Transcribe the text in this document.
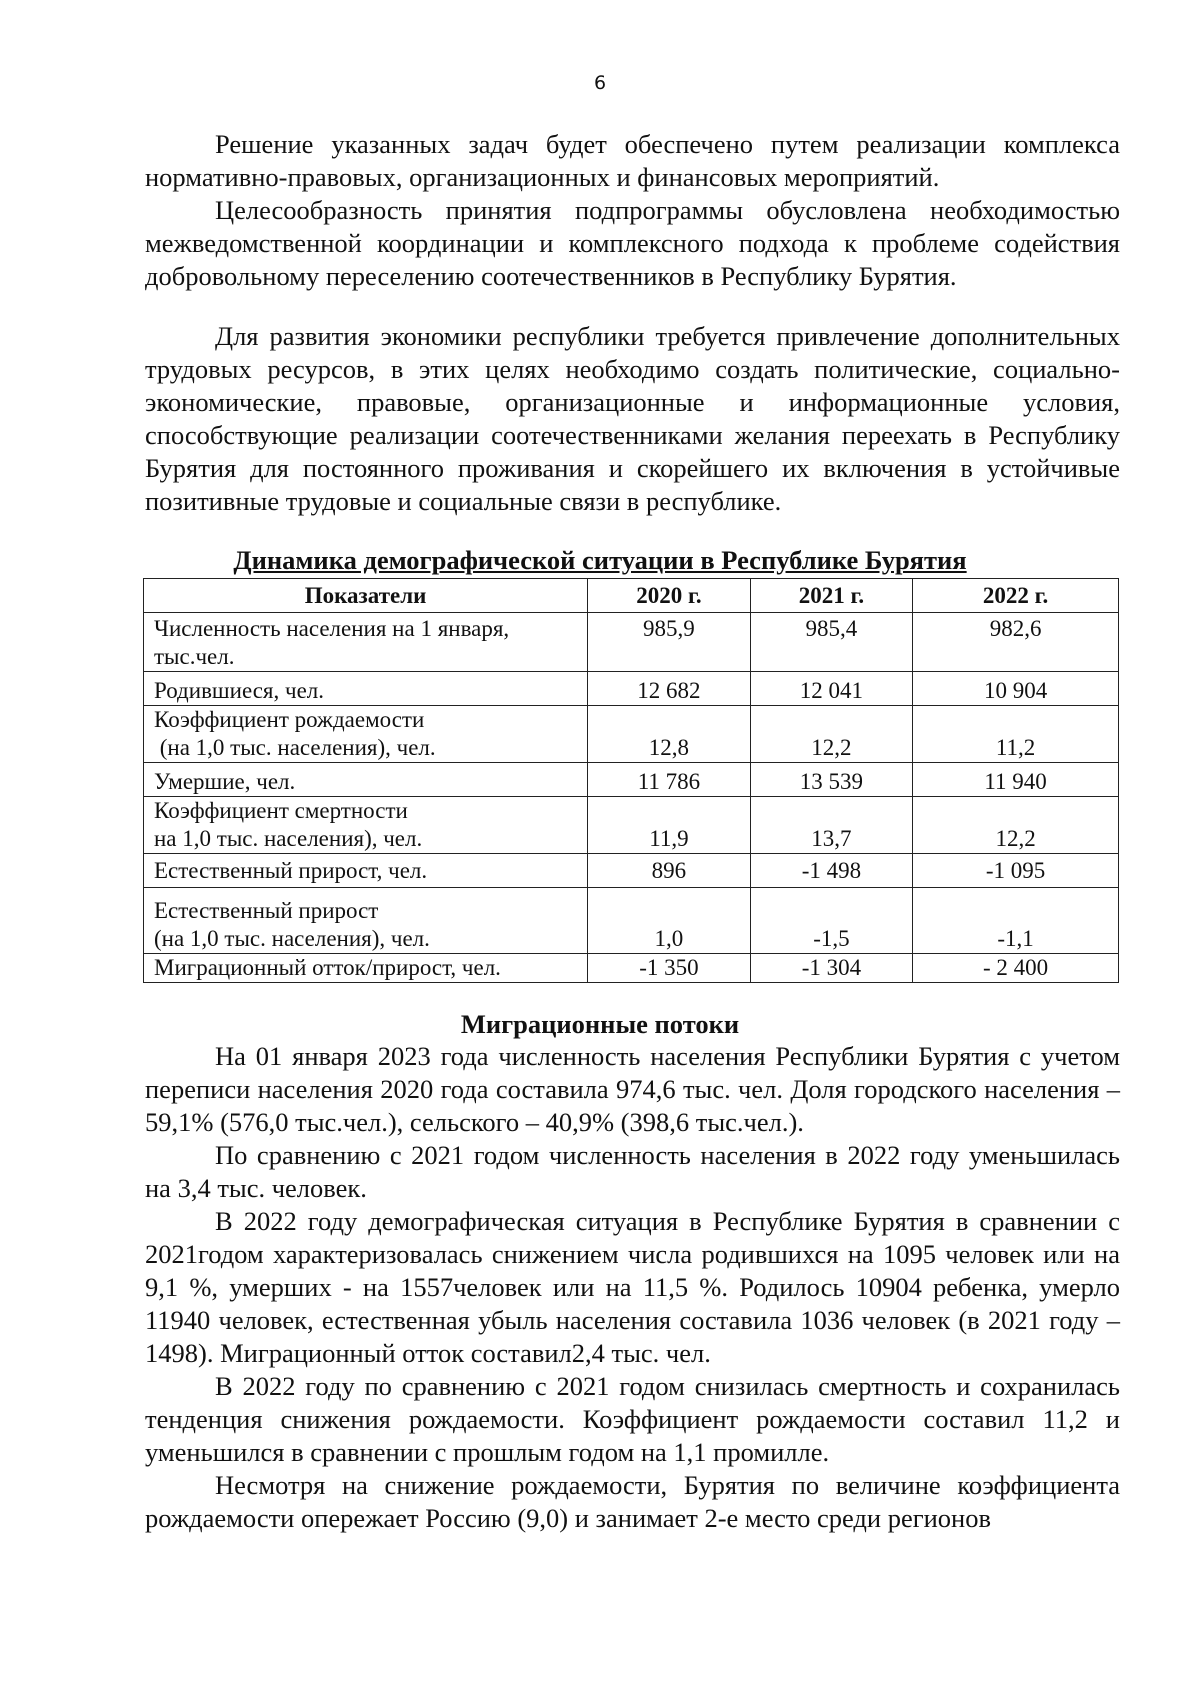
6

Решение указанных задач будет обеспечено путем реализации комплекса нормативно-правовых, организационных и финансовых мероприятий.

Целесообразность принятия подпрограммы обусловлена необходимостью межведомственной координации и комплексного подхода к проблеме содействия добровольному переселению соотечественников в Республику Бурятия.

Для развития экономики республики требуется привлечение дополнительных трудовых ресурсов, в этих целях необходимо создать политические, социально-экономические, правовые, организационные и информационные условия, способствующие реализации соотечественниками желания переехать в Республику Бурятия для постоянного проживания и скорейшего их включения в устойчивые позитивные трудовые и социальные связи в республике.

Динамика демографической ситуации в Республике Бурятия
Показатели	2020 г.	2021 г.	2022 г.
Численность населения на 1 января,
тыс.чел.	985,9	985,4	982,6
Родившиеся, чел.	12 682	12 041	10 904
Коэффициент рождаемости
(на 1,0 тыс. населения), чел.	12,8	12,2	11,2
Умершие, чел.	11 786	13 539	11 940
Коэффициент смертности
на 1,0 тыс. населения), чел.	11,9	13,7	12,2
Естественный прирост, чел.	896	-1 498	-1 095
Естественный прирост
(на 1,0 тыс. населения), чел.	1,0	-1,5	-1,1
Миграционный отток/прирост, чел.	-1 350	-1 304	- 2 400
Миграционные потоки

На 01 января 2023 года численность населения Республики Бурятия с учетом переписи населения 2020 года составила 974,6 тыс. чел. Доля городского населения – 59,1% (576,0 тыс.чел.), сельского – 40,9% (398,6 тыс.чел.).

По сравнению с 2021 годом численность населения в 2022 году уменьшилась на 3,4 тыс. человек.

В 2022 году демографическая ситуация в Республике Бурятия в сравнении с 2021годом характеризовалась снижением числа родившихся на 1095 человек или на 9,1 %, умерших - на 1557человек или на 11,5 %. Родилось 10904 ребенка, умерло 11940 человек, естественная убыль населения составила 1036 человек (в 2021 году – 1498). Миграционный отток составил2,4 тыс. чел.

В 2022 году по сравнению с 2021 годом снизилась смертность и сохранилась тенденция снижения рождаемости. Коэффициент рождаемости составил 11,2 и уменьшился в сравнении с прошлым годом на 1,1 промилле.

Несмотря на снижение рождаемости, Бурятия по величине коэффициента рождаемости опережает Россию (9,0) и занимает 2-е место среди регионов
